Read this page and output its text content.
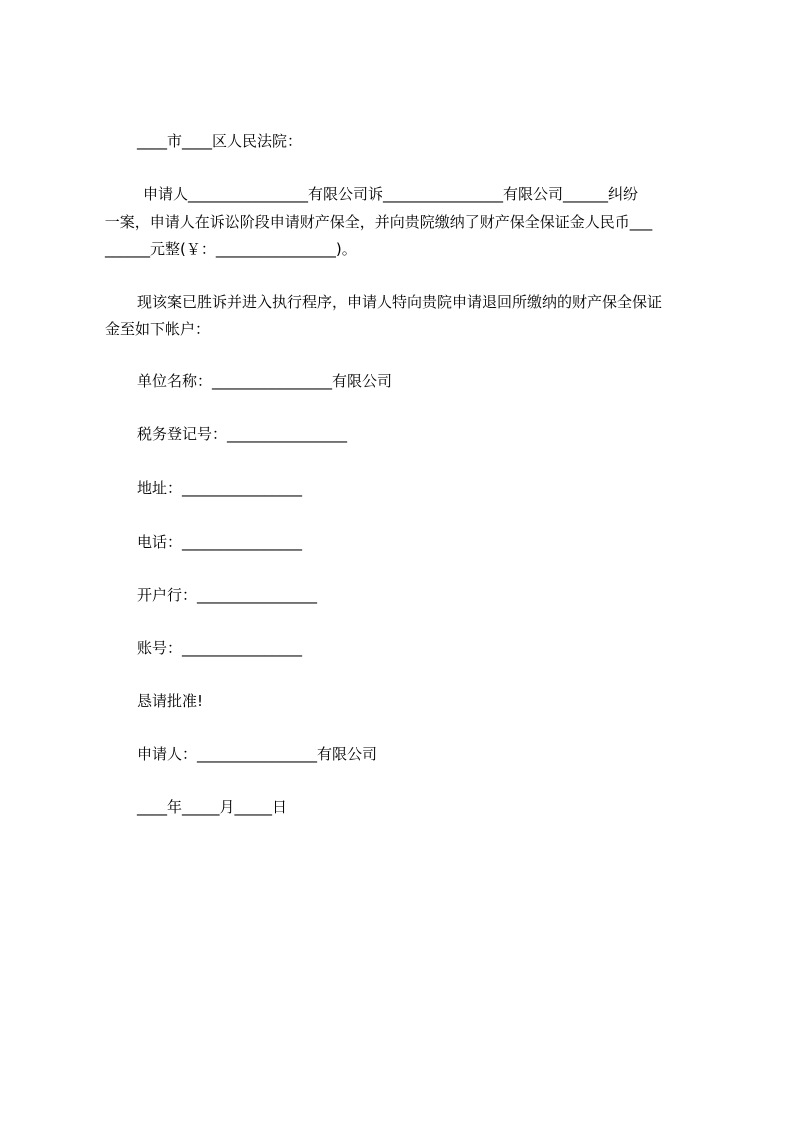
____市____区人民法院：

申请人________________有限公司诉________________有限公司______纠纷

一案，申请人在诉讼阶段申请财产保全，并向贵院缴纳了财产保全保证金人民币___

______元整(￥：________________)。

现该案已胜诉并进入执行程序，申请人特向贵院申请退回所缴纳的财产保全保证

金至如下帐户：

单位名称：________________有限公司

税务登记号：________________

地址：________________

电话：________________

开户行：________________

账号：________________

恳请批准!

申请人：________________有限公司

____年_____月_____日
